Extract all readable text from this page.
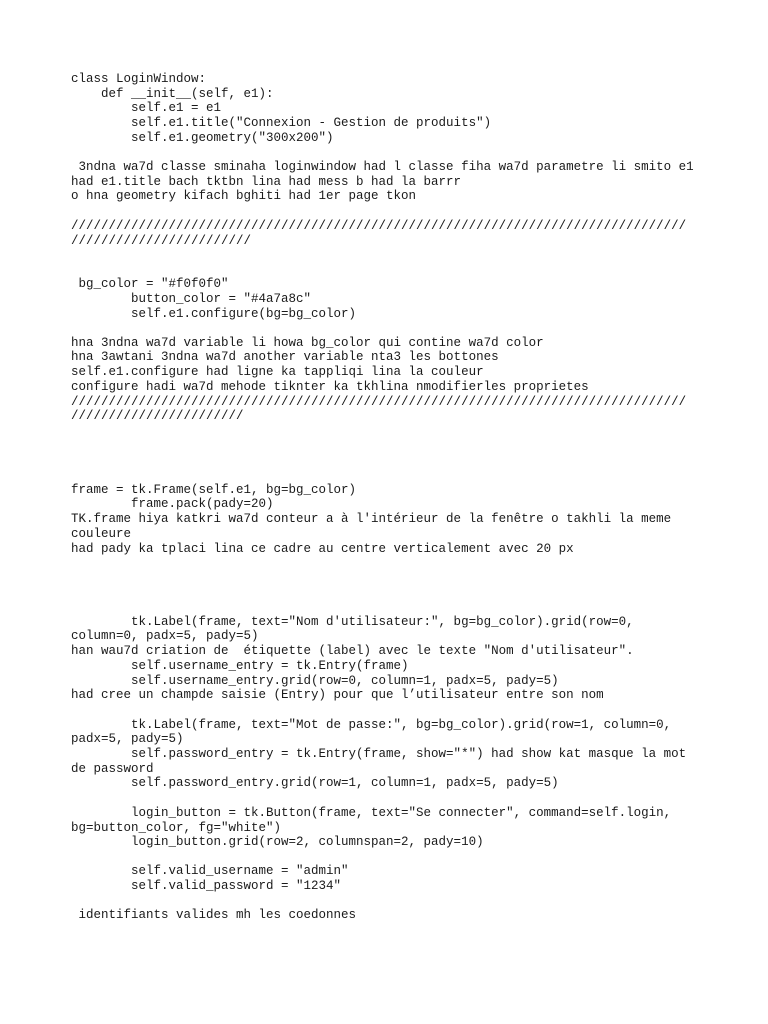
class LoginWindow:

def __init__(self, e1):

self.e1 = e1

self.e1.title("Connexion - Gestion de produits")

self.e1.geometry("300x200")

3ndna wa7d classe sminaha loginwindow had l classe fiha wa7d parametre li smito e1

had e1.title bach tktbn lina had mess b had la barrr

o hna geometry kifach bghiti had 1er page tkon

//////////////////////////////////////////////////////////////////////////////////

////////////////////////

bg_color = "#f0f0f0"

button_color = "#4a7a8c"

self.e1.configure(bg=bg_color)

hna 3ndna wa7d variable li howa bg_color qui contine wa7d color

hna 3awtani 3ndna wa7d another variable nta3 les bottones

self.e1.configure had ligne ka tappliqi lina la couleur

configure hadi wa7d mehode tiknter ka tkhlina nmodifierles proprietes

//////////////////////////////////////////////////////////////////////////////////

///////////////////////

frame = tk.Frame(self.e1, bg=bg_color)

frame.pack(pady=20)

TK.frame hiya katkri wa7d conteur a à l'intérieur de la fenêtre o takhli la meme

couleure

had pady ka tplaci lina ce cadre au centre verticalement avec 20 px

tk.Label(frame, text="Nom d'utilisateur:", bg=bg_color).grid(row=0,

column=0, padx=5, pady=5)

han wau7d criation de  étiquette (label) avec le texte "Nom d'utilisateur".

self.username_entry = tk.Entry(frame)

self.username_entry.grid(row=0, column=1, padx=5, pady=5)

had cree un champde saisie (Entry) pour que l’utilisateur entre son nom

tk.Label(frame, text="Mot de passe:", bg=bg_color).grid(row=1, column=0,

padx=5, pady=5)

self.password_entry = tk.Entry(frame, show="*") had show kat masque la mot

de password

self.password_entry.grid(row=1, column=1, padx=5, pady=5)

login_button = tk.Button(frame, text="Se connecter", command=self.login,

bg=button_color, fg="white")

login_button.grid(row=2, columnspan=2, pady=10)

self.valid_username = "admin"

self.valid_password = "1234"

identifiants valides mh les coedonnes
